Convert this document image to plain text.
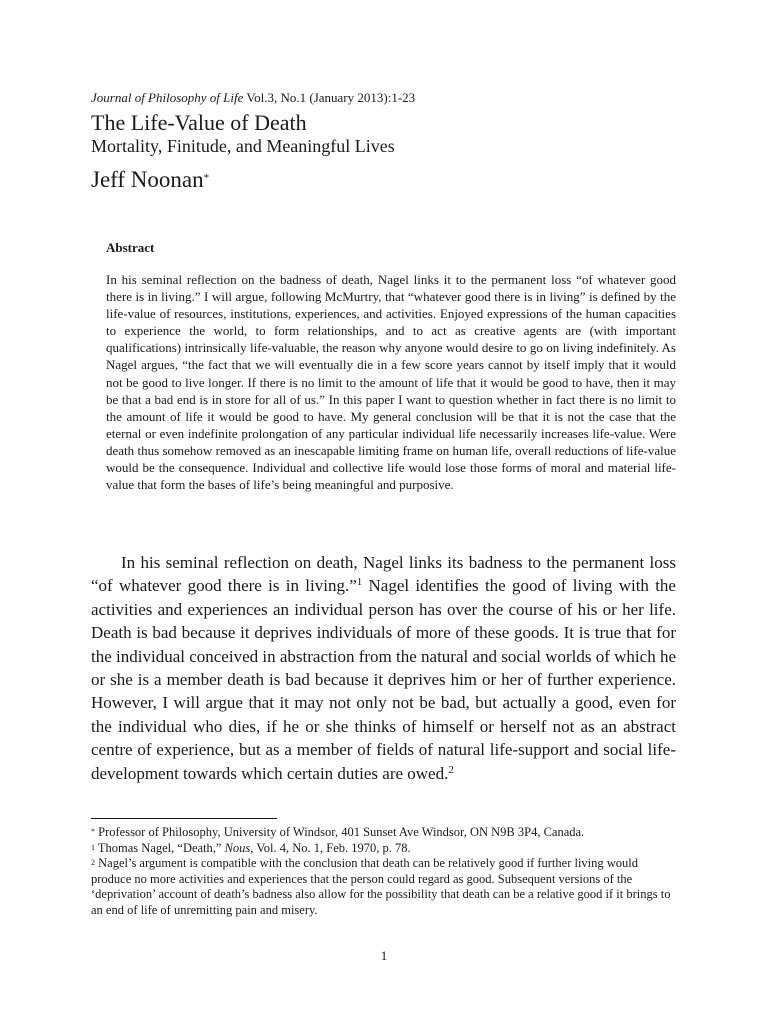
Journal of Philosophy of Life Vol.3, No.1 (January 2013):1-23
The Life-Value of Death
Mortality, Finitude, and Meaningful Lives
Jeff Noonan*
Abstract

In his seminal reflection on the badness of death, Nagel links it to the permanent loss “of whatever good there is in living.” I will argue, following McMurtry, that “whatever good there is in living” is defined by the life-value of resources, institutions, experiences, and activities. Enjoyed expressions of the human capacities to experience the world, to form relationships, and to act as creative agents are (with important qualifications) intrinsically life-valuable, the reason why anyone would desire to go on living indefinitely. As Nagel argues, “the fact that we will eventually die in a few score years cannot by itself imply that it would not be good to live longer. If there is no limit to the amount of life that it would be good to have, then it may be that a bad end is in store for all of us.” In this paper I want to question whether in fact there is no limit to the amount of life it would be good to have. My general conclusion will be that it is not the case that the eternal or even indefinite prolongation of any particular individual life necessarily increases life-value. Were death thus somehow removed as an inescapable limiting frame on human life, overall reductions of life-value would be the consequence. Individual and collective life would lose those forms of moral and material life-value that form the bases of life’s being meaningful and purposive.

In his seminal reflection on death, Nagel links its badness to the permanent loss “of whatever good there is in living.”$^1$ Nagel identifies the good of living with the activities and experiences an individual person has over the course of his or her life. Death is bad because it deprives individuals of more of these goods. It is true that for the individual conceived in abstraction from the natural and social worlds of which he or she is a member death is bad because it deprives him or her of further experience. However, I will argue that it may not only not be bad, but actually a good, even for the individual who dies, if he or she thinks of himself or herself not as an abstract centre of experience, but as a member of fields of natural life-support and social life-development towards which certain duties are owed.$^2$

* Professor of Philosophy, University of Windsor, 401 Sunset Ave Windsor, ON N9B 3P4, Canada.

$^1$ Thomas Nagel, “Death,” Nous, Vol. 4, No. 1, Feb. 1970, p. 78.

$^2$ Nagel’s argument is compatible with the conclusion that death can be relatively good if further living would produce no more activities and experiences that the person could regard as good. Subsequent versions of the ‘deprivation’ account of death’s badness also allow for the possibility that death can be a relative good if it brings to an end of life of unremitting pain and misery.

1
